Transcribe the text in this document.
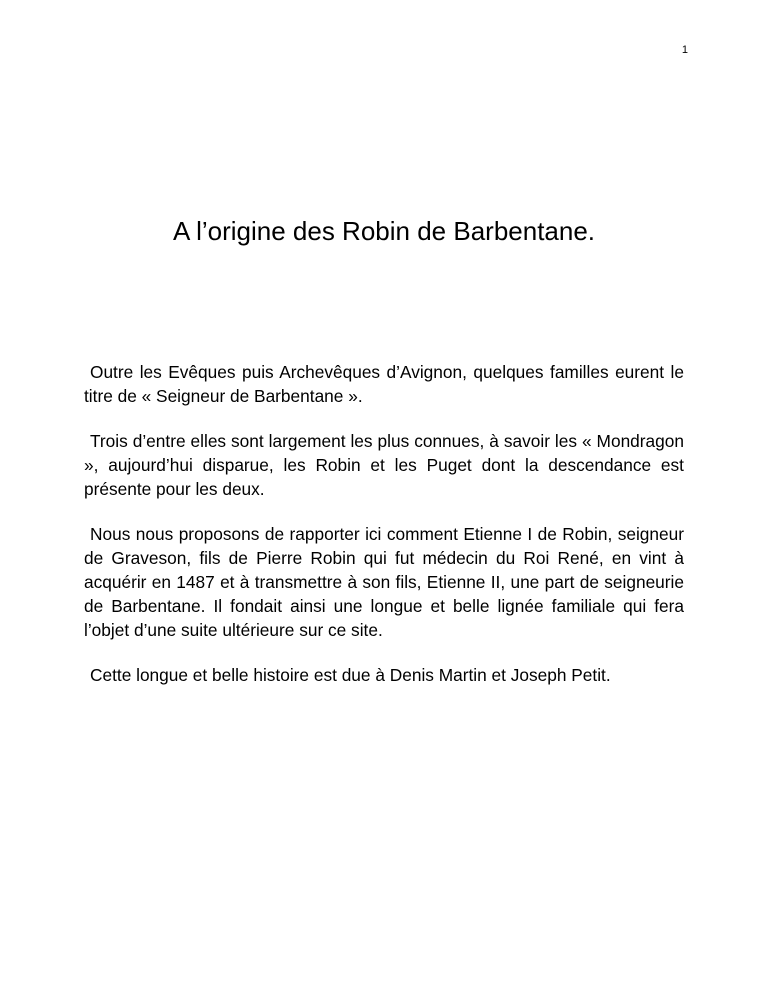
1
A l’origine des Robin de Barbentane.

Outre les Evêques puis Archevêques d’Avignon, quelques familles eurent le titre de « Seigneur de Barbentane ».

Trois d’entre elles sont largement les plus connues, à savoir les « Mondragon », aujourd’hui disparue, les Robin et les Puget dont la descendance est présente pour les deux.

Nous nous proposons de rapporter ici comment Etienne I de Robin, seigneur de Graveson, fils de Pierre Robin qui fut médecin du Roi René, en vint à acquérir en 1487 et à transmettre à son fils, Etienne II, une part de seigneurie de Barbentane. Il fondait ainsi une longue et belle lignée familiale qui fera l’objet d’une suite ultérieure sur ce site.

Cette longue et belle histoire est due à Denis Martin et Joseph Petit.
